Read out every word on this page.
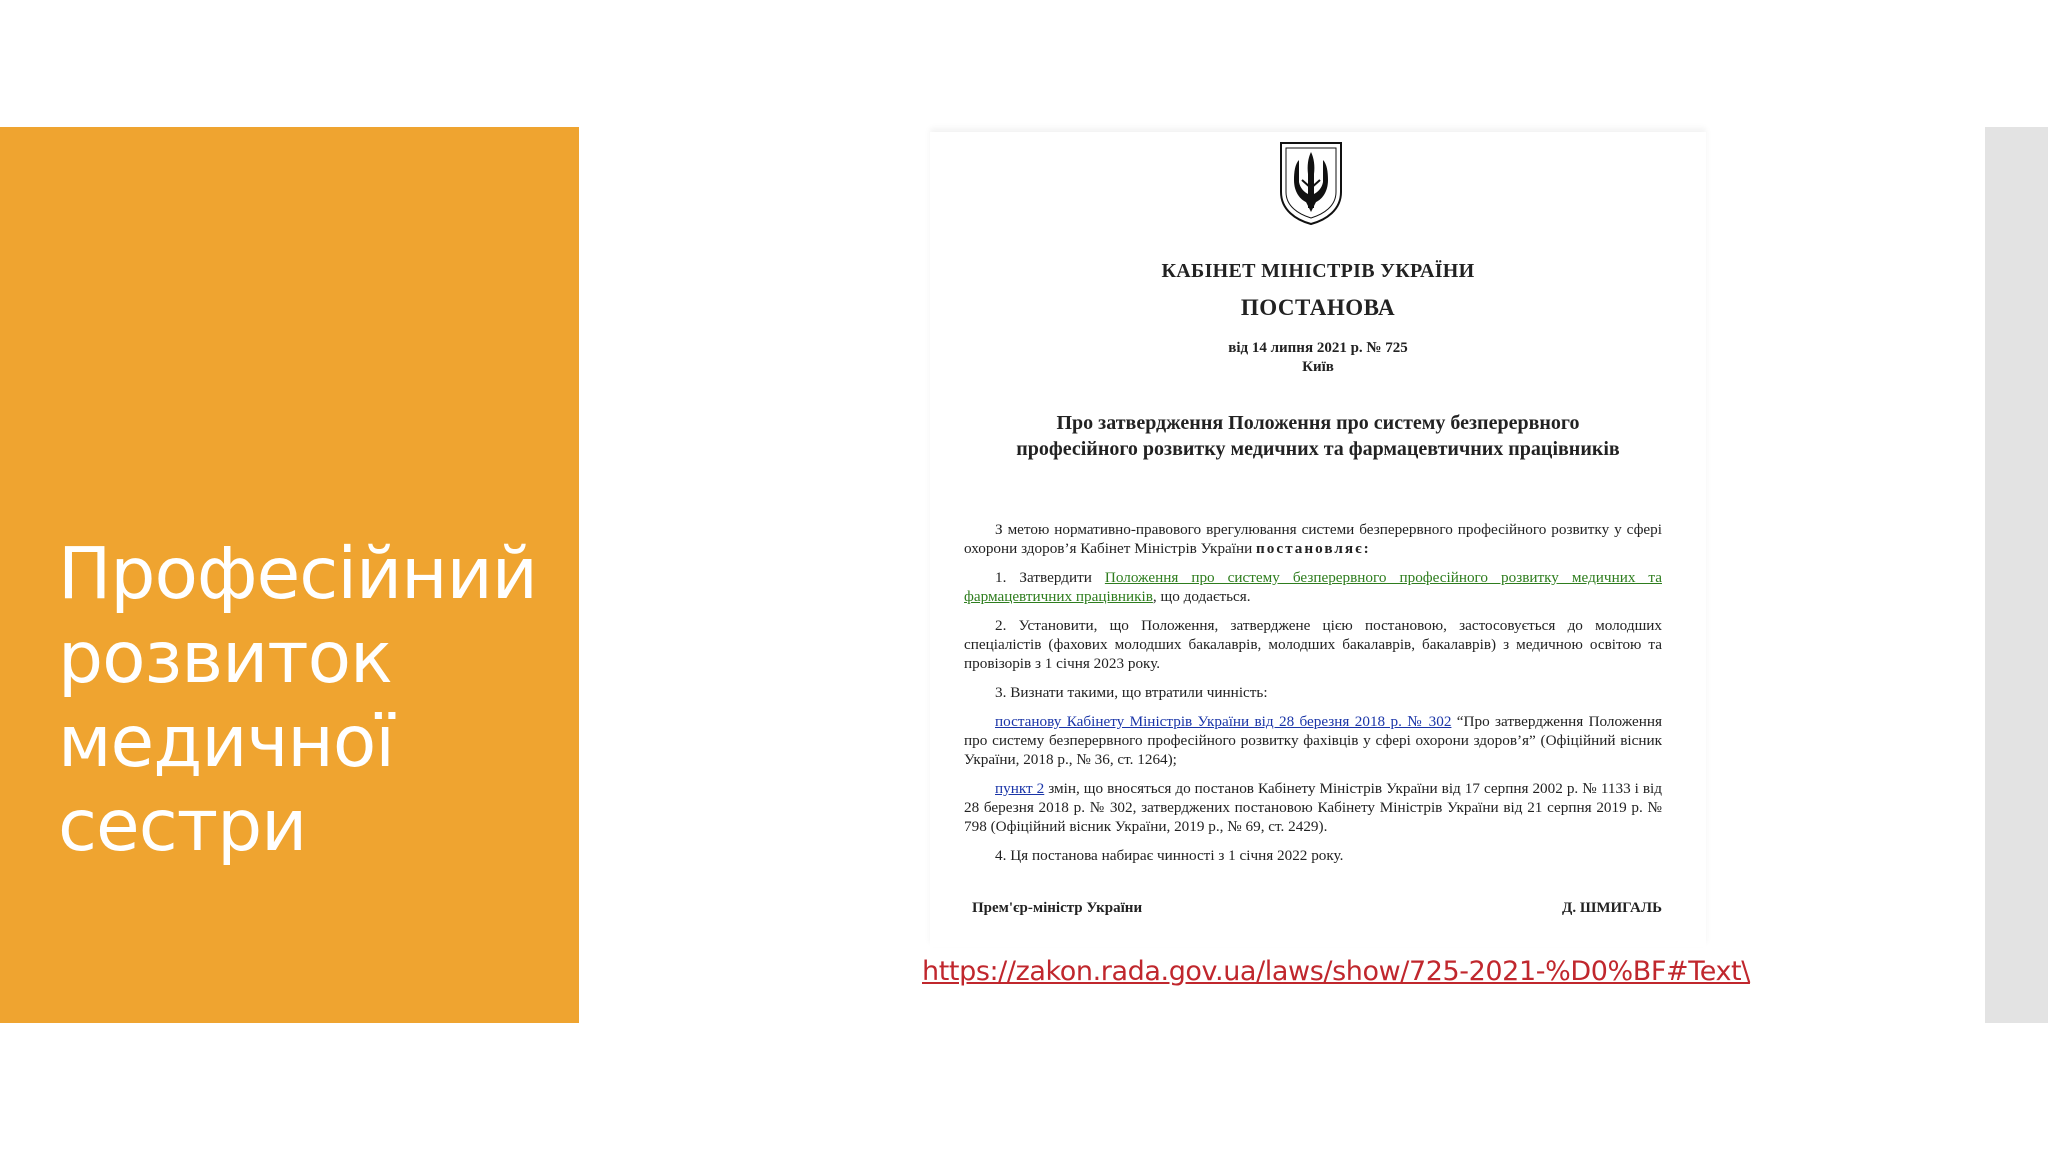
Професійний
розвиток
медичної
сестри
КАБІНЕТ МІНІСТРІВ УКРАЇНИ
ПОСТАНОВА
від 14 липня 2021 р. № 725
Київ
Про затвердження Положення про систему безперервного професійного розвитку медичних та фармацевтичних працівників

З метою нормативно-правового врегулювання системи безперервного професійного розвитку у сфері охорони здоров’я Кабінет Міністрів України постановляє:

1. Затвердити Положення про систему безперервного професійного розвитку медичних та фармацевтичних працівників, що додається.

2. Установити, що Положення, затверджене цією постановою, застосовується до молодших спеціалістів (фахових молодших бакалаврів, молодших бакалаврів, бакалаврів) з медичною освітою та провізорів з 1 січня 2023 року.

3. Визнати такими, що втратили чинність:

постанову Кабінету Міністрів України від 28 березня 2018 р. № 302 “Про затвердження Положення про систему безперервного професійного розвитку фахівців у сфері охорони здоров’я” (Офіційний вісник України, 2018 р., № 36, ст. 1264);

пункт 2 змін, що вносяться до постанов Кабінету Міністрів України від 17 серпня 2002 р. № 1133 і від 28 березня 2018 р. № 302, затверджених постановою Кабінету Міністрів України від 21 серпня 2019 р. № 798 (Офіційний вісник України, 2019 р., № 69, ст. 2429).

4. Ця постанова набирає чинності з 1 січня 2022 року.

Прем'єр-міністр України	Д. ШМИГАЛЬ
https://zakon.rada.gov.ua/laws/show/725-2021-%D0%BF#Text\
